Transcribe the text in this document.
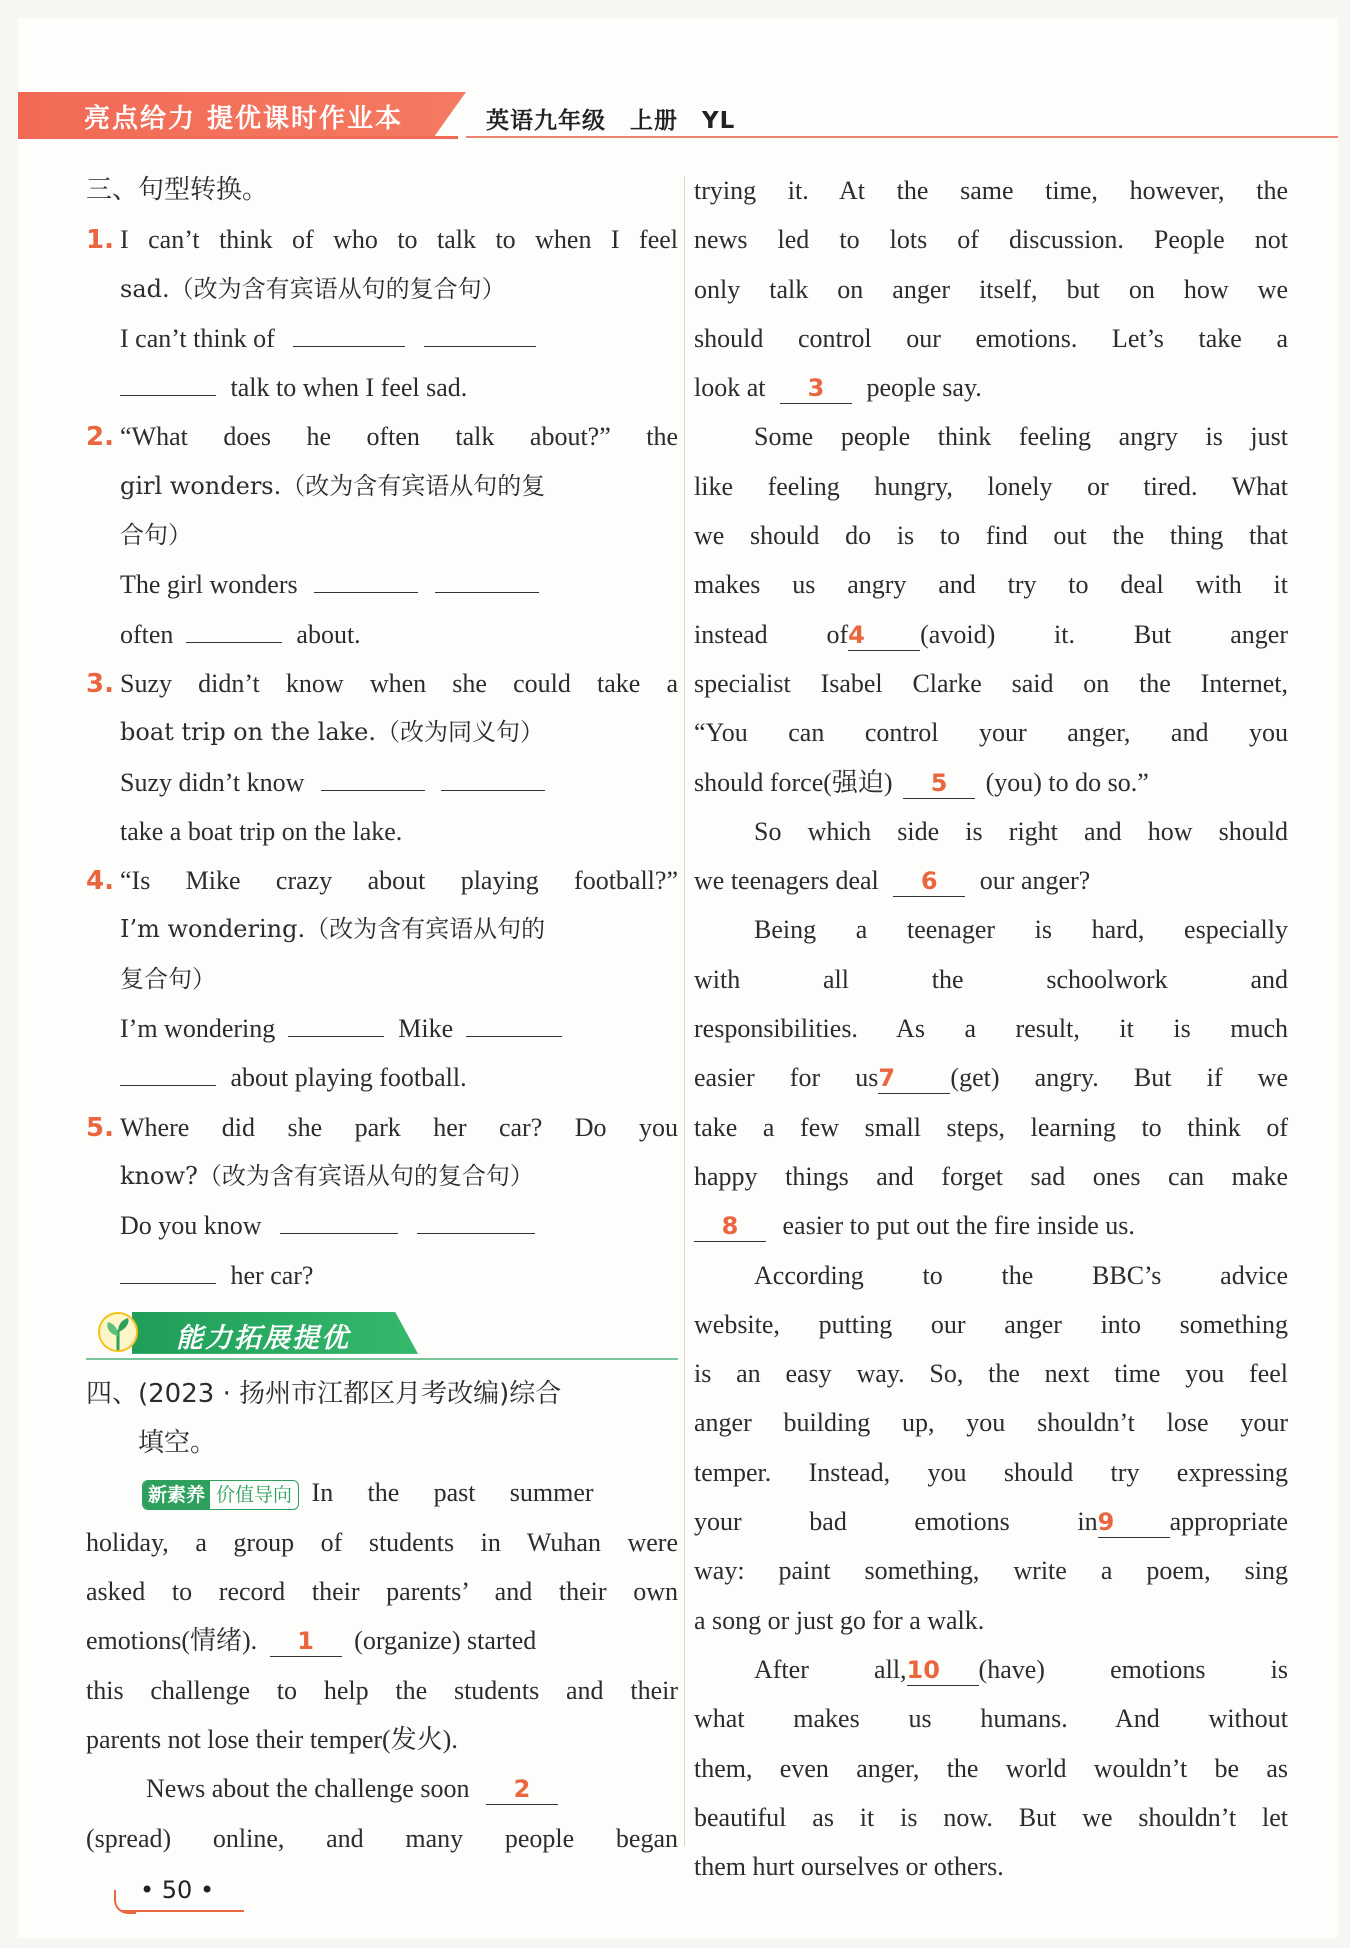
亮点给力 提优课时作业本	英语九年级　上册　YL
三、句型转换。
1. I can’t think of who to talk to when I feel
sad.（改为含有宾语从句的复合句）
I can’t think of
talk to when I feel sad.
2. “What does he often talk about?” the
girl wonders.（改为含有宾语从句的复
合句）
The girl wonders
often	about.
3. Suzy didn’t know when she could take a
boat trip on the lake.（改为同义句）
Suzy didn’t know
take a boat trip on the lake.
4. “Is Mike crazy about playing football?”
I’m wondering.（改为含有宾语从句的
复合句）
I’m wondering	Mike
about playing football.
5. Where did she park her car? Do you
know?（改为含有宾语从句的复合句）
Do you know
her car?
能力拓展提优
四、(2023 · 扬州市江都区月考改编)综合
填空。
新素养 价值导向 In the past summer
holiday, a group of students in Wuhan were
asked to record their parents’ and their own
emotions(情绪). 1 (organize) started
this challenge to help the students and their
parents not lose their temper(发火).
News about the challenge soon 2
(spread) online, and many people began
trying it. At the same time, however, the
news led to lots of discussion. People not
only talk on anger itself, but on how we
should control our emotions. Let’s take a
look at 3 people say.
Some people think feeling angry is just
like feeling hungry, lonely or tired. What
we should do is to find out the thing that
makes us angry and try to deal with it
instead of4 (avoid) it. But anger
specialist Isabel Clarke said on the Internet,
“You can control your anger, and you
should force(强迫) 5 (you) to do so.”
So which side is right and how should
we teenagers deal 6 our anger?
Being a teenager is hard, especially
with all the schoolwork and
responsibilities. As a result, it is much
easier for us7 (get) angry. But if we
take a few small steps, learning to think of
happy things and forget sad ones can make
8 easier to put out the fire inside us.
According to the BBC’s advice
website, putting our anger into something
is an easy way. So, the next time you feel
anger building up, you shouldn’t lose your
temper. Instead, you should try expressing
your bad emotions in9 appropriate
way: paint something, write a poem, sing
a song or just go for a walk.
After all,10 (have) emotions is
what makes us humans. And without
them, even anger, the world wouldn’t be as
beautiful as it is now. But we shouldn’t let
them hurt ourselves or others.
• 50 •
